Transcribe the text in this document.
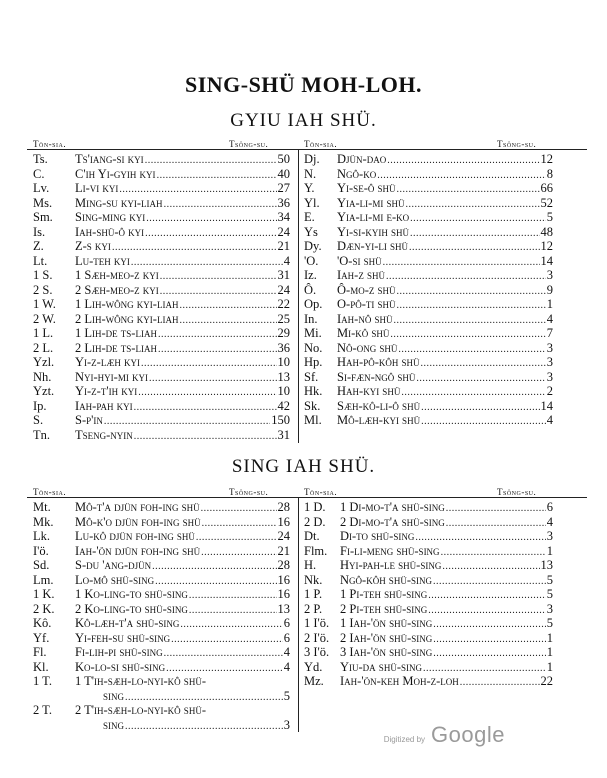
SING-SHÜ MOH-LOH.
GYIU IAH SHÜ.
Tön-sia.	Tsông-su.	Tön-sia.	Tsông-su.
Ts.	Ts'iang-si kyi .....	50
C.	C'ih Yi-gyih kyi .....	40
Lv.	Li-vi kyi .....	27
Ms.	Ming-su kyi-liah .....	36
Sm.	Sing-ming kyi .....	34
Is.	Iah-shü-ô kyi .....	24
Z.	Z-s kyi .....	21
Lt.	Lu-teh kyi .....	4
1 S.	1 Sæh-meo-z kyi .....	31
2 S.	2 Sæh-meo-z kyi .....	24
1 W.	1 Lih-wông kyi-liah .....	22
2 W.	2 Lih-wông kyi-liah .....	25
1 L.	1 Lih-de ts-liah .....	29
2 L.	2 Lih-de ts-liah .....	36
Yzl.	Yi-z-læh kyi .....	10
Nh.	Nyi-hyi-mi kyi .....	13
Yzt.	Yi-z-t'ih kyi .....	10
Ip.	Iah-pah kyi .....	42
S.	S-p'in .....	150
Tn.	Tseng-nyin .....	31
Dj.	Djün-dao .....	12
N.	Ngô-ko .....	8
Y.	Yi-se-ô shü .....	66
Yl.	Yia-li-mi shü .....	52
E.	Yia-li-mi e-ko .....	5
Ys	Yi-si-kyih shü .....	48
Dy.	Dæn-yi-li shü .....	12
'O.	'O-si shü .....	14
Iz.	Iah-z shü .....	3
Ô.	Ô-mo-z shü .....	9
Op.	O-pô-ti shü .....	1
In.	Iah-nô shü .....	4
Mi.	Mi-kô shü .....	7
No.	Nô-ong shü .....	3
Hp.	Hah-pô-kôh shü .....	3
Sf.	Si-fæn-ngô shü .....	3
Hk.	Hah-kyi shü .....	2
Sk.	Sæh-kô-li-ô shü .....	14
Ml.	Mô-læh-kyi shü .....	4
SING IAH SHÜ.
Tön-sia.	Tsông-su.	Tön-sia.	Tsông-su.
Mt.	Mô-t'a djün foh-ing shü .....	28
Mk.	Mô-k'o djün foh-ing shü .....	16
Lk.	Lu-kô djün foh-ing shü .....	24
I'ö.	Iah-'ön djün foh-ing shü .....	21
Sd.	S-du 'ang-djün .....	28
Lm.	Lo-mô shü-sing .....	16
1 K.	1 Ko-ling-to shü-sing .....	16
2 K.	2 Ko-ling-to shü-sing .....	13
Kô.	Kô-læh-t'a shü-sing .....	6
Yf.	Yi-feh-su shü-sing .....	6
Fl.	Fi-lih-pi shü-sing .....	4
Kl.	Ko-lo-si shü-sing .....	4
1 T.	1 T'ih-sæh-lo-nyi-kô shü-
sing .....	5
2 T.	2 T'ih-sæh-lo-nyi-kô shü-
sing .....	3
1 D.	1 Di-mo-t'a shü-sing .....	6
2 D.	2 Di-mo-t'a shü-sing .....	4
Dt.	Di-to shü-sing .....	3
Flm.	Fi-li-meng shü-sing .....	1
H.	Hyi-pah-le shü-sing .....	13
Nk.	Ngô-kôh shü-sing .....	5
1 P.	1 Pi-teh shü-sing .....	5
2 P.	2 Pi-teh shü-sing .....	3
1 I'ö. 1 Iah-'ön shü-sing .....	5
2 I'ö. 2 Iah-'ön shü-sing .....	1
3 I'ö. 3 Iah-'ön shü-sing .....	1
Yd.	Yiu-da shü-sing .....	1
Mz.	Iah-'ön-keh Moh-z-loh .....	22
Digitized by Google
